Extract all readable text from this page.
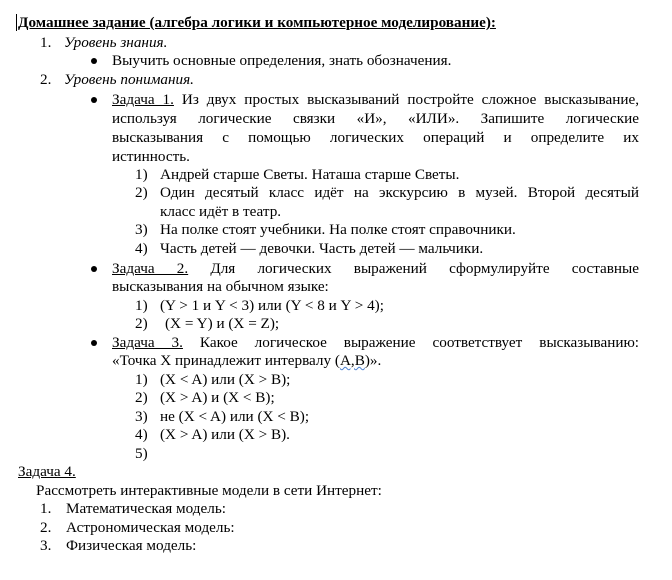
Домашнее задание (алгебра логики и компьютерное моделирование):
1. Уровень знания.
Выучить основные определения, знать обозначения.
2. Уровень понимания.
Задача 1. Из двух простых высказываний постройте сложное высказывание,
используя логические связки «И», «ИЛИ». Запишите логические
высказывания с помощью логических операций и определите их
истинность.
1) Андрей старше Светы. Наташа старше Светы.
2) Один десятый класс идёт на экскурсию в музей. Второй десятый
класс идёт в театр.
3) На полке стоят учебники. На полке стоят справочники.
4) Часть детей — девочки. Часть детей — мальчики.
Задача 2. Для логических выражений сформулируйте составные
высказывания на обычном языке:
1) (Y > 1 и Y < 3) или (Y < 8 и Y > 4);
2) (X = Y) и (X = Z);
Задача 3. Какое логическое выражение соответствует высказыванию:
«Точка X принадлежит интервалу (A,B)».
1) (X < A) или (X > B);
2) (X > A) и (X < B);
3) не (X < A) или (X < B);
4) (X > A) или (X > B).
5)
Задача 4.
Рассмотреть интерактивные модели в сети Интернет:
1. Математическая модель:
2. Астрономическая модель:
3. Физическая модель:
